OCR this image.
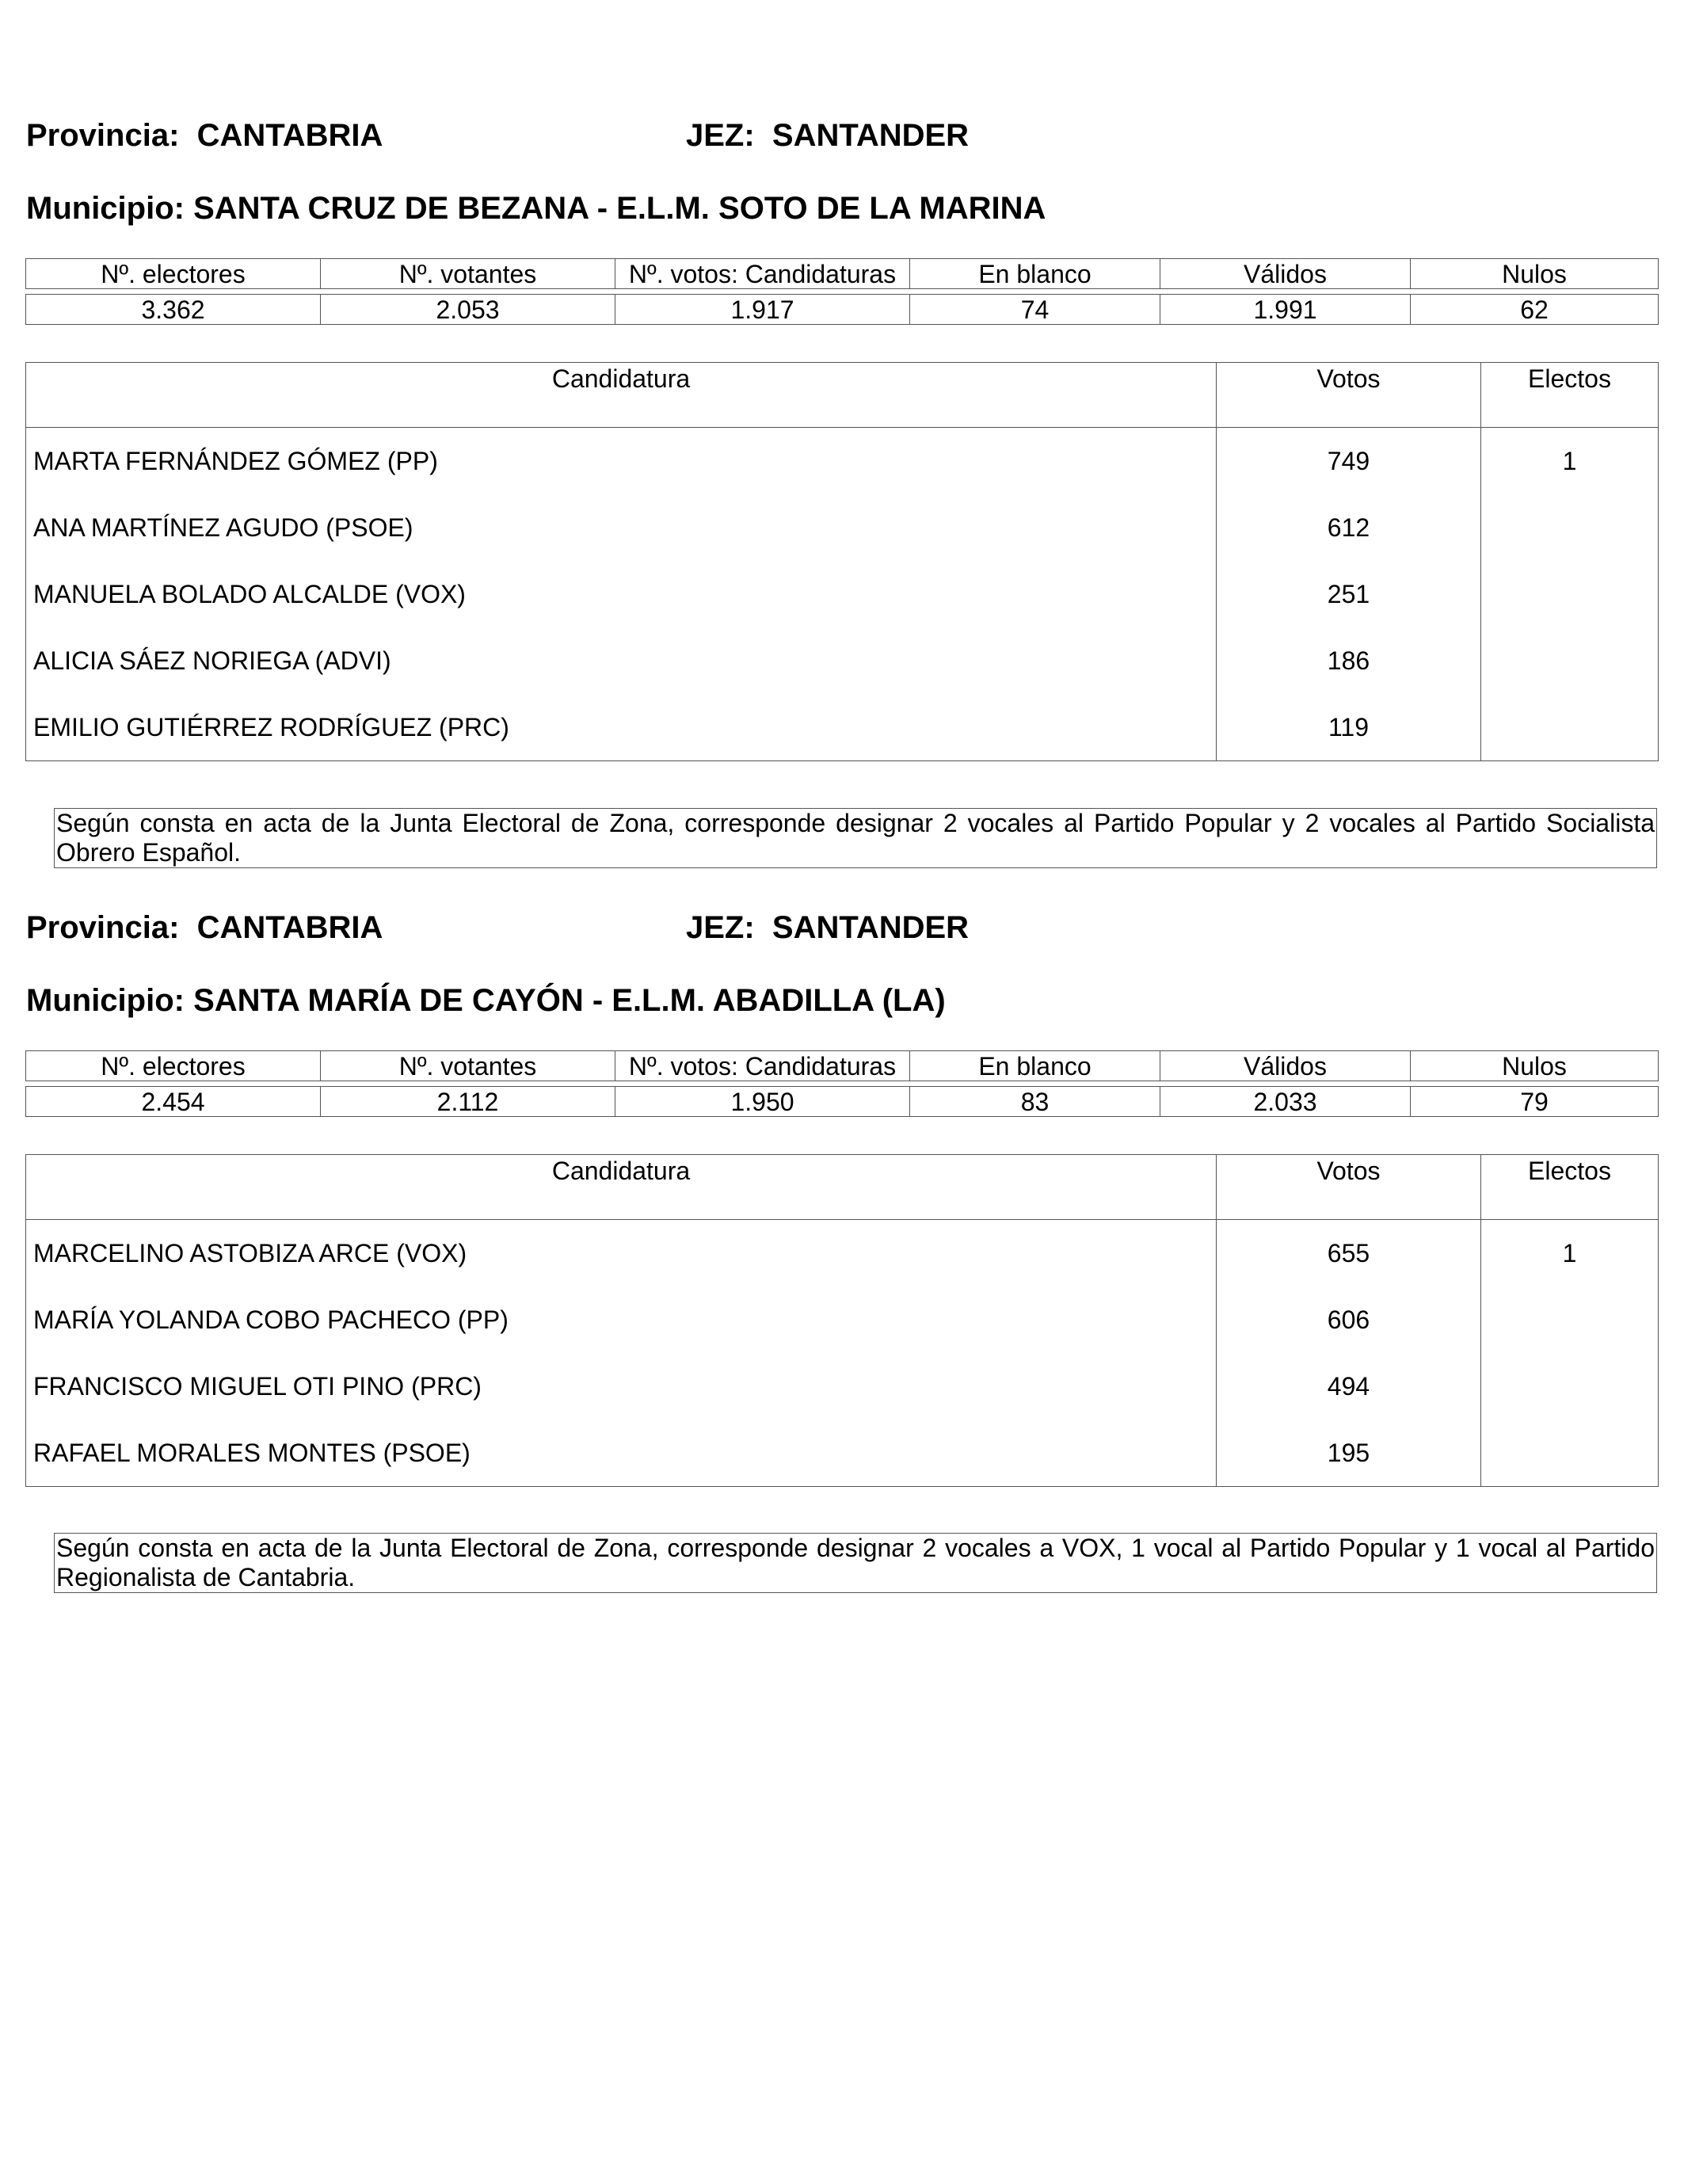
Provincia: CANTABRIA	JEZ: SANTANDER
Municipio: SANTA CRUZ DE BEZANA - E.L.M. SOTO DE LA MARINA
Nº. electores	Nº. votantes	Nº. votos: Candidaturas	En blanco	Válidos	Nulos

3.362	2.053	1.917	74	1.991	62
Candidatura	Votos	Electos
MARTA FERNÁNDEZ GÓMEZ (PP)	749	1
ANA MARTÍNEZ AGUDO (PSOE)	612	
MANUELA BOLADO ALCALDE (VOX)	251	
ALICIA SÁEZ NORIEGA (ADVI)	186	
EMILIO GUTIÉRREZ RODRÍGUEZ (PRC)	119	
Según consta en acta de la Junta Electoral de Zona, corresponde designar 2 vocales al Partido Popular y 2 vocales al Partido Socialista Obrero Español.
Provincia: CANTABRIA	JEZ: SANTANDER
Municipio: SANTA MARÍA DE CAYÓN - E.L.M. ABADILLA (LA)
Nº. electores	Nº. votantes	Nº. votos: Candidaturas	En blanco	Válidos	Nulos

2.454	2.112	1.950	83	2.033	79
Candidatura	Votos	Electos
MARCELINO ASTOBIZA ARCE (VOX)	655	1
MARÍA YOLANDA COBO PACHECO (PP)	606	
FRANCISCO MIGUEL OTI PINO (PRC)	494	
RAFAEL MORALES MONTES (PSOE)	195	
Según consta en acta de la Junta Electoral de Zona, corresponde designar 2 vocales a VOX, 1 vocal al Partido Popular y 1 vocal al Partido Regionalista de Cantabria.
